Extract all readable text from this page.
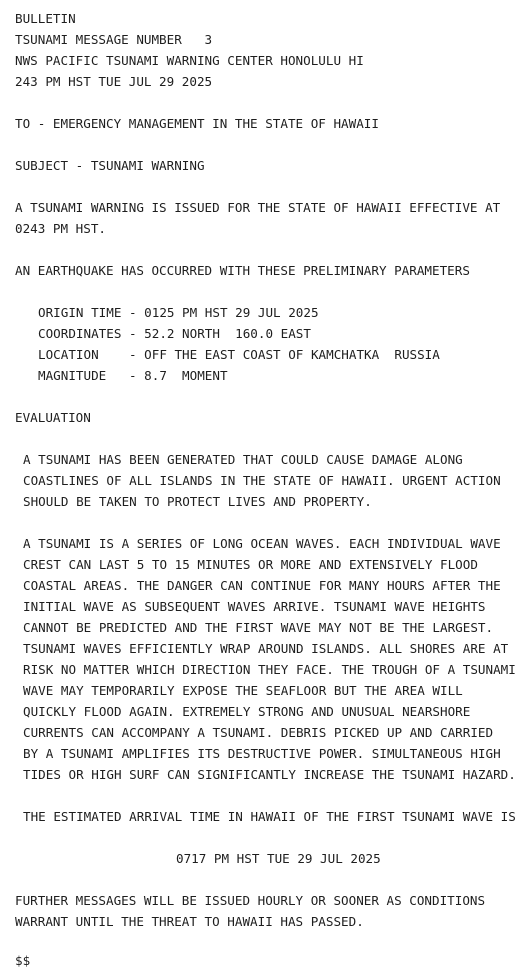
BULLETIN
TSUNAMI MESSAGE NUMBER   3
NWS PACIFIC TSUNAMI WARNING CENTER HONOLULU HI
243 PM HST TUE JUL 29 2025
TO - EMERGENCY MANAGEMENT IN THE STATE OF HAWAII
SUBJECT - TSUNAMI WARNING
A TSUNAMI WARNING IS ISSUED FOR THE STATE OF HAWAII EFFECTIVE AT
0243 PM HST.
AN EARTHQUAKE HAS OCCURRED WITH THESE PRELIMINARY PARAMETERS
ORIGIN TIME - 0125 PM HST 29 JUL 2025
COORDINATES - 52.2 NORTH  160.0 EAST
LOCATION    - OFF THE EAST COAST OF KAMCHATKA  RUSSIA
MAGNITUDE   - 8.7  MOMENT
EVALUATION
A TSUNAMI HAS BEEN GENERATED THAT COULD CAUSE DAMAGE ALONG
COASTLINES OF ALL ISLANDS IN THE STATE OF HAWAII. URGENT ACTION
SHOULD BE TAKEN TO PROTECT LIVES AND PROPERTY.
A TSUNAMI IS A SERIES OF LONG OCEAN WAVES. EACH INDIVIDUAL WAVE
CREST CAN LAST 5 TO 15 MINUTES OR MORE AND EXTENSIVELY FLOOD
COASTAL AREAS. THE DANGER CAN CONTINUE FOR MANY HOURS AFTER THE
INITIAL WAVE AS SUBSEQUENT WAVES ARRIVE. TSUNAMI WAVE HEIGHTS
CANNOT BE PREDICTED AND THE FIRST WAVE MAY NOT BE THE LARGEST.
TSUNAMI WAVES EFFICIENTLY WRAP AROUND ISLANDS. ALL SHORES ARE AT
RISK NO MATTER WHICH DIRECTION THEY FACE. THE TROUGH OF A TSUNAMI
WAVE MAY TEMPORARILY EXPOSE THE SEAFLOOR BUT THE AREA WILL
QUICKLY FLOOD AGAIN. EXTREMELY STRONG AND UNUSUAL NEARSHORE
CURRENTS CAN ACCOMPANY A TSUNAMI. DEBRIS PICKED UP AND CARRIED
BY A TSUNAMI AMPLIFIES ITS DESTRUCTIVE POWER. SIMULTANEOUS HIGH
TIDES OR HIGH SURF CAN SIGNIFICANTLY INCREASE THE TSUNAMI HAZARD.
THE ESTIMATED ARRIVAL TIME IN HAWAII OF THE FIRST TSUNAMI WAVE IS
0717 PM HST TUE 29 JUL 2025
FURTHER MESSAGES WILL BE ISSUED HOURLY OR SOONER AS CONDITIONS
WARRANT UNTIL THE THREAT TO HAWAII HAS PASSED.
$$
